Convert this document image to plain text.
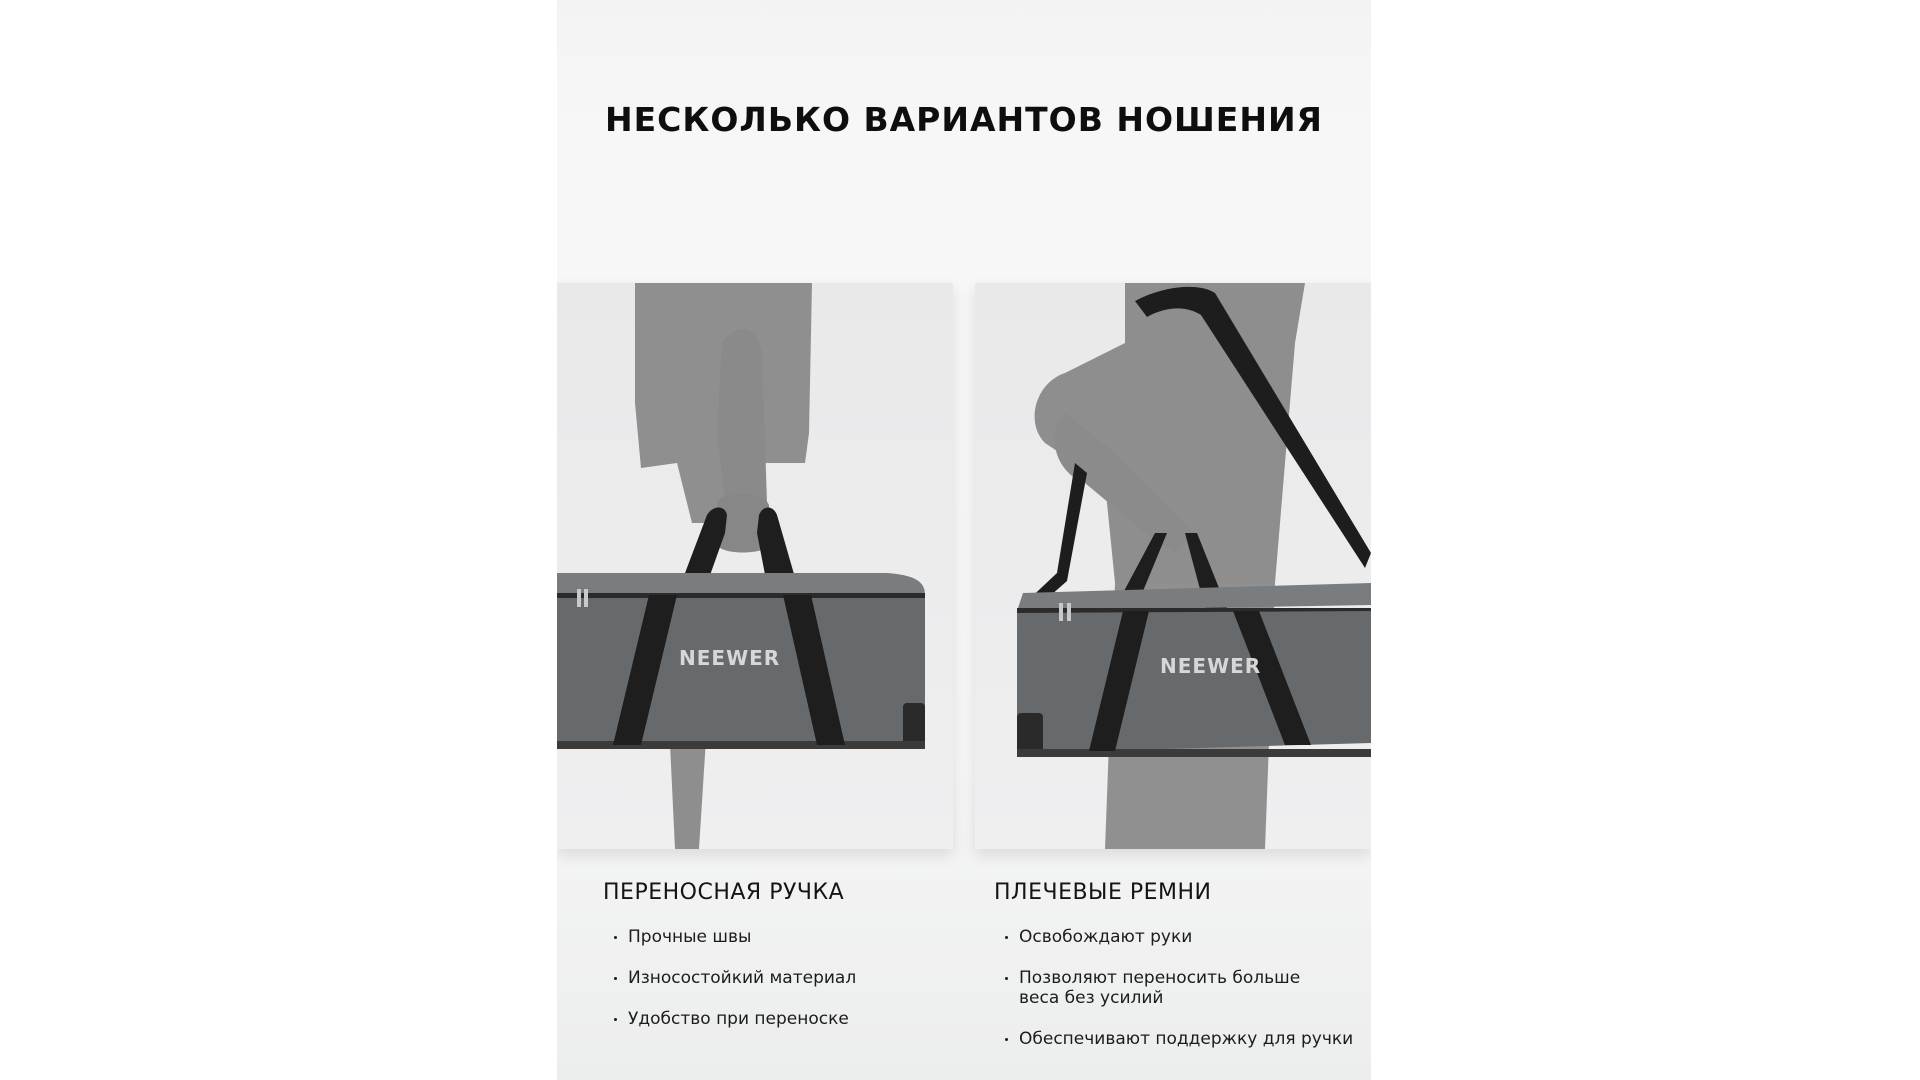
НЕСКОЛЬКО ВАРИАНТОВ НОШЕНИЯ
NEEWER	NEEWER
ПЕРЕНОСНАЯ РУЧКА
Прочные швы
Износостойкий материал
Удобство при переноске
ПЛЕЧЕВЫЕ РЕМНИ
Освобождают руки
Позволяют переносить больше веса без усилий
Обеспечивают поддержку для ручки
